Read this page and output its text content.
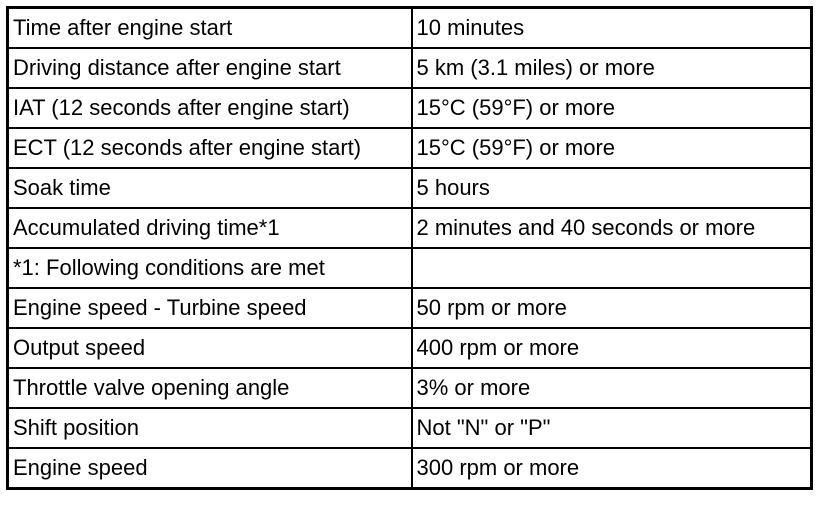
Time after engine start	10 minutes
Driving distance after engine start	5 km (3.1 miles) or more
IAT (12 seconds after engine start)	15°C (59°F) or more
ECT (12 seconds after engine start)	15°C (59°F) or more
Soak time	5 hours
Accumulated driving time*1	2 minutes and 40 seconds or more
*1: Following conditions are met	
Engine speed - Turbine speed	50 rpm or more
Output speed	400 rpm or more
Throttle valve opening angle	3% or more
Shift position	Not "N" or "P"
Engine speed	300 rpm or more
